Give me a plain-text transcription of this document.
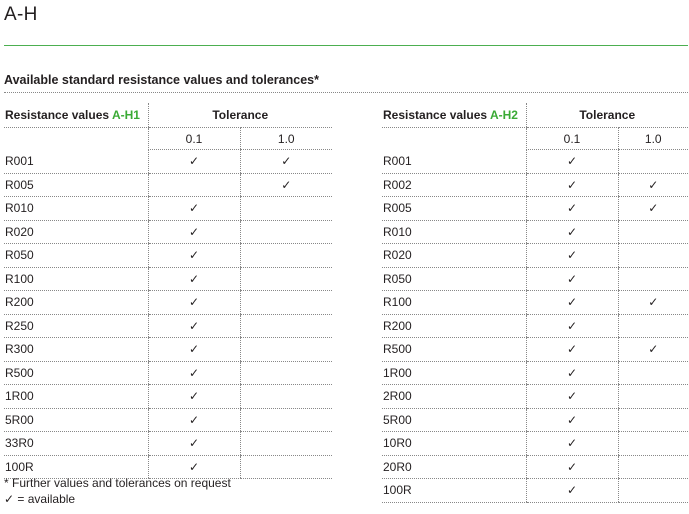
A-H
Available standard resistance values and tolerances*
Resistance values A-H1	Tolerance	
	0.1	1.0
R001	✓	✓
R005		✓
R010	✓	
R020	✓	
R050	✓	
R100	✓	
R200	✓	
R250	✓	
R300	✓	
R500	✓	
1R00	✓	
5R00	✓	
33R0	✓	
100R	✓	
Resistance values A-H2	Tolerance	
	0.1	1.0
R001	✓	
R002	✓	✓
R005	✓	✓
R010	✓	
R020	✓	
R050	✓	
R100	✓	✓
R200	✓	
R500	✓	✓
1R00	✓	
2R00	✓	
5R00	✓	
10R0	✓	
20R0	✓	
100R	✓	
* Further values and tolerances on request
✓ = available
